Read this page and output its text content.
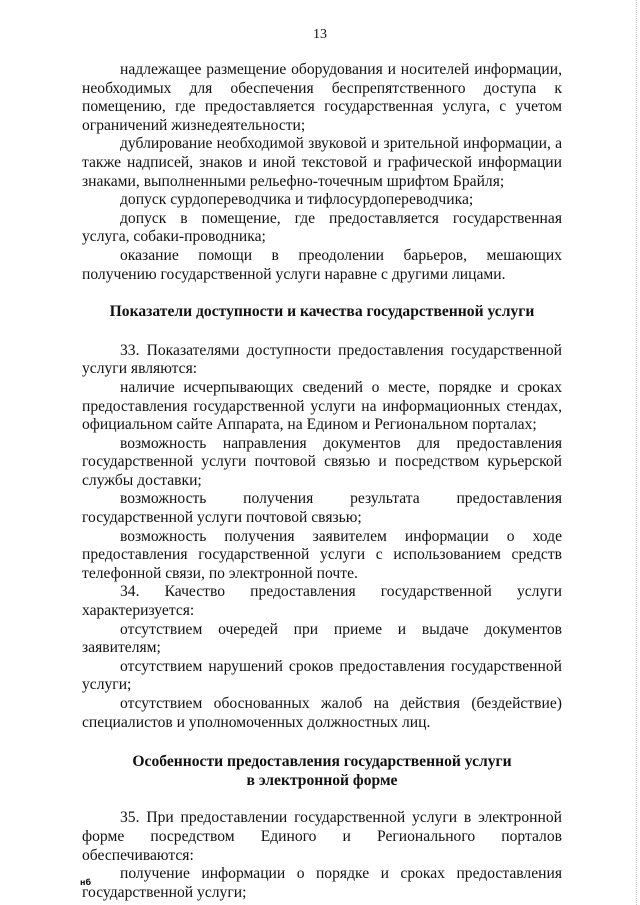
13

надлежащее размещение оборудования и носителей информации, необходимых для обеспечения беспрепятственного доступа к помещению, где предоставляется государственная услуга, с учетом ограничений жизнедеятельности;

дублирование необходимой звуковой и зрительной информации, а также надписей, знаков и иной текстовой и графической информации знаками, выполненными рельефно-точечным шрифтом Брайля;

допуск сурдопереводчика и тифлосурдопереводчика;

допуск в помещение, где предоставляется государственная услуга, собаки-проводника;

оказание помощи в преодолении барьеров, мешающих получению государственной услуги наравне с другими лицами.

Показатели доступности и качества государственной услуги

33. Показателями доступности предоставления государственной услуги являются:

наличие исчерпывающих сведений о месте, порядке и сроках предоставления государственной услуги на информационных стендах, официальном сайте Аппарата, на Едином и Региональном порталах;

возможность направления документов для предоставления государственной услуги почтовой связью и посредством курьерской службы доставки;

возможность получения результата предоставления государственной услуги почтовой связью;

возможность получения заявителем информации о ходе предоставления государственной услуги с использованием средств телефонной связи, по электронной почте.

34. Качество предоставления государственной услуги характеризуется:

отсутствием очередей при приеме и выдаче документов заявителям;

отсутствием нарушений сроков предоставления государственной услуги;

отсутствием обоснованных жалоб на действия (бездействие) специалистов и уполномоченных должностных лиц.

Особенности предоставления государственной услуги в электронной форме

35. При предоставлении государственной услуги в электронной форме посредством Единого и Регионального порталов обеспечиваются:

получение информации о порядке и сроках предоставления государственной услуги;

нб
